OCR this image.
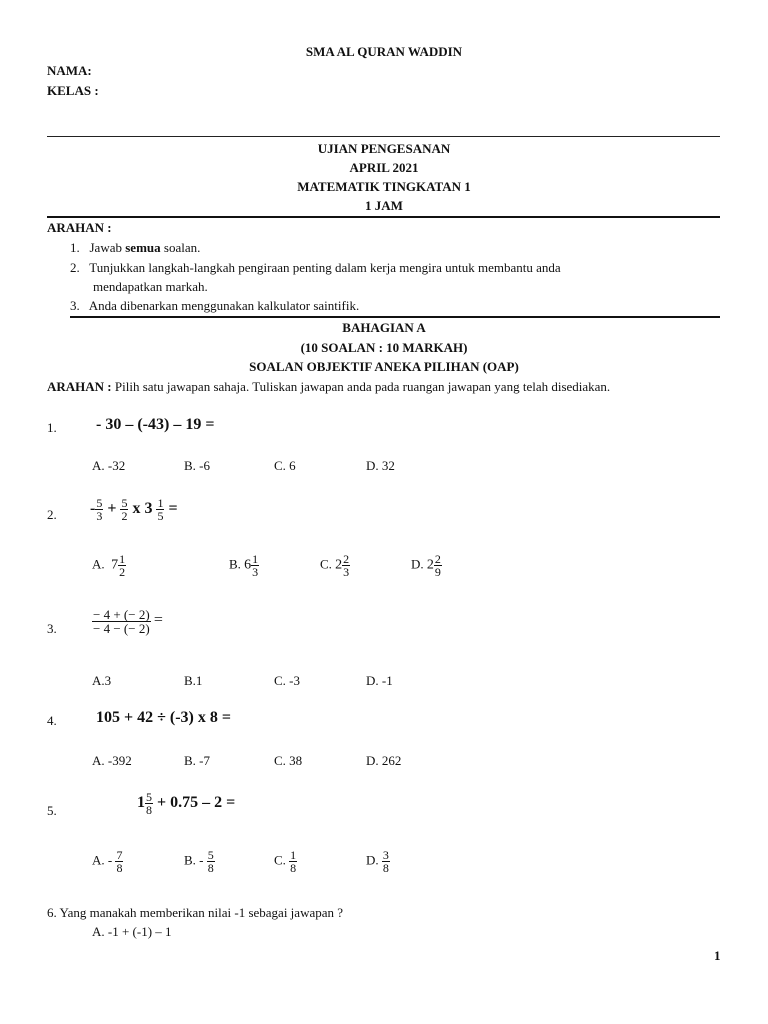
SMA AL QURAN WADDIN
NAMA:
KELAS :
UJIAN PENGESANAN
APRIL 2021
MATEMATIK TINGKATAN 1
1 JAM
ARAHAN :
1. Jawab semua soalan.
2. Tunjukkan langkah-langkah pengiraan penting dalam kerja mengira untuk membantu anda
mendapatkan markah.
3. Anda dibenarkan menggunakan kalkulator saintifik.
BAHAGIAN A
(10 SOALAN : 10 MARKAH)
SOALAN OBJEKTIF ANEKA PILIHAN (OAP)
ARAHAN : Pilih satu jawapan sahaja. Tuliskan jawapan anda pada ruangan jawapan yang telah disediakan.
1. - 30 – (-43) – 19 =
A. -32	B. -6	C. 6	D. 32
2. - $\frac{5}{3} + \frac{5}{2}$ x $3 \frac{1}{5}$ =
A. $7 \frac{1}{2}$	B. $6 \frac{1}{3}$	C. $2 \frac{2}{3}$	D. $2 \frac{2}{9}$
3.	$\frac{- 4 + (- 2)}{- 4 - (- 2)}$ =
A.3	B.1	C. -3	D. -1
4. 105 + 42 ÷ (-3) x 8 =
A. -392	B. -7	C. 38	D. 262
5.	$1 \frac{5}{8} + 0.75 - 2$ =
A. - $\frac{7}{8}$	B. - $\frac{5}{8}$	C. $\frac{1}{8}$	D. $\frac{3}{8}$
6. Yang manakah memberikan nilai -1 sebagai jawapan ?
A. -1 + (-1) – 1
1
